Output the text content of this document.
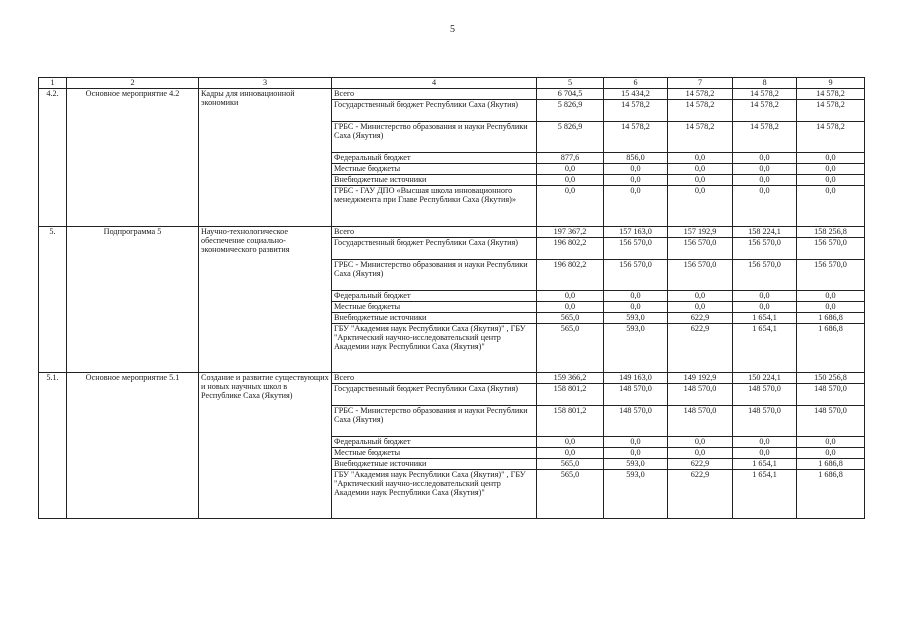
5
1	2	3	4	5	6	7	8	9
4.2.	Основное мероприятие 4.2	Кадры для инновационной экономики	Всего	6 704,5	15 434,2	14 578,2	14 578,2	14 578,2
			Государственный бюджет Республики Саха (Якутия)	5 826,9	14 578,2	14 578,2	14 578,2	14 578,2
			ГРБС - Министерство образования и науки Республики Саха (Якутия)	5 826,9	14 578,2	14 578,2	14 578,2	14 578,2
			Федеральный бюджет	877,6	856,0	0,0	0,0	0,0
			Местные бюджеты	0,0	0,0	0,0	0,0	0,0
			Внебюджетные источники	0,0	0,0	0,0	0,0	0,0
			ГРБС - ГАУ ДПО «Высшая школа инновационного менеджмента при Главе Республики Саха (Якутия)»	0,0	0,0	0,0	0,0	0,0
5.	Подпрограмма 5	Научно-технологическое обеспечение социально-экономического развития	Всего	197 367,2	157 163,0	157 192,9	158 224,1	158 256,8
			Государственный бюджет Республики Саха (Якутия)	196 802,2	156 570,0	156 570,0	156 570,0	156 570,0
			ГРБС - Министерство образования и науки Республики Саха (Якутия)	196 802,2	156 570,0	156 570,0	156 570,0	156 570,0
			Федеральный бюджет	0,0	0,0	0,0	0,0	0,0
			Местные бюджеты	0,0	0,0	0,0	0,0	0,0
			Внебюджетные источники	565,0	593,0	622,9	1 654,1	1 686,8
			ГБУ "Академия наук Республики Саха (Якутия)" , ГБУ "Арктический научно-исследовательский центр Академии наук Республики Саха (Якутия)"	565,0	593,0	622,9	1 654,1	1 686,8
5.1.	Основное мероприятие 5.1	Создание и развитие существующих и новых научных школ в Республике Саха (Якутия)	Всего	159 366,2	149 163,0	149 192,9	150 224,1	150 256,8
			Государственный бюджет Республики Саха (Якутия)	158 801,2	148 570,0	148 570,0	148 570,0	148 570,0
			ГРБС - Министерство образования и науки Республики Саха (Якутия)	158 801,2	148 570,0	148 570,0	148 570,0	148 570,0
			Федеральный бюджет	0,0	0,0	0,0	0,0	0,0
			Местные бюджеты	0,0	0,0	0,0	0,0	0,0
			Внебюджетные источники	565,0	593,0	622,9	1 654,1	1 686,8
			ГБУ "Академия наук Республики Саха (Якутия)" , ГБУ "Арктический научно-исследовательский центр Академии наук Республики Саха (Якутия)"	565,0	593,0	622,9	1 654,1	1 686,8
